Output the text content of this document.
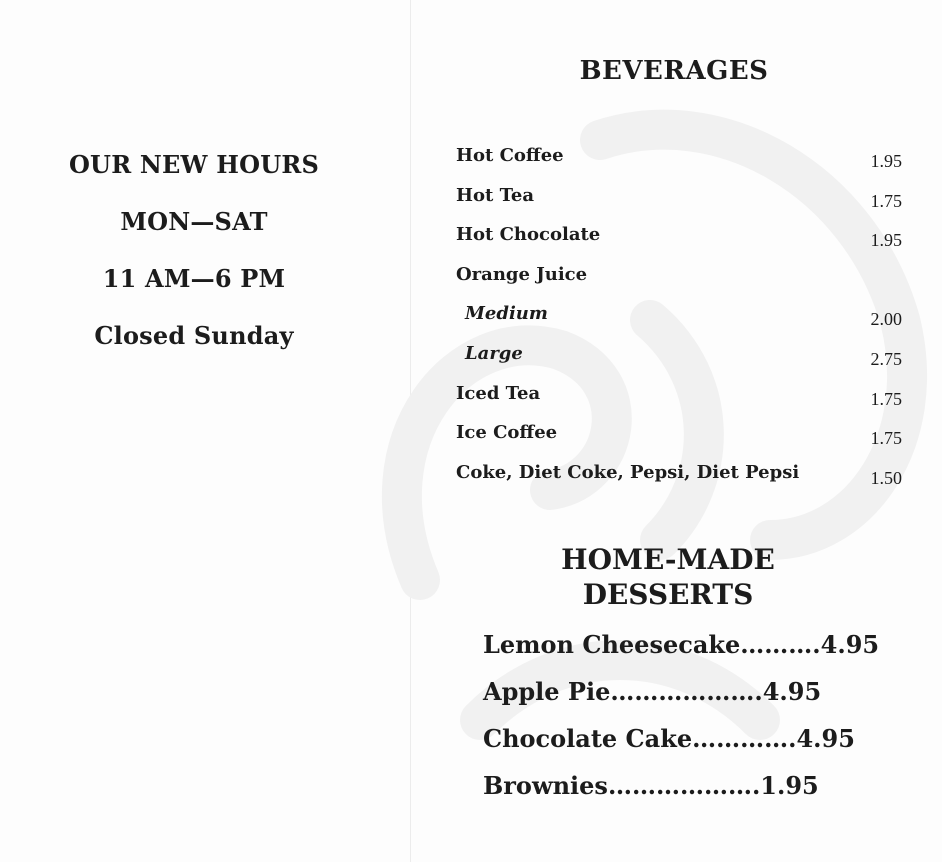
OUR NEW HOURS
MON—SAT
11 AM—6 PM
Closed Sunday
BEVERAGES
Hot Coffee	1.95
Hot Tea	1.75
Hot Chocolate	1.95
Orange Juice
Medium	2.00
Large	2.75
Iced Tea	1.75
Ice Coffee	1.75
Coke, Diet Coke, Pepsi, Diet Pepsi	1.50
HOME-MADE
DESSERTS
Lemon Cheesecake……….4.95
Apple Pie……………….4.95
Chocolate Cake………….4.95
Brownies……………….1.95
